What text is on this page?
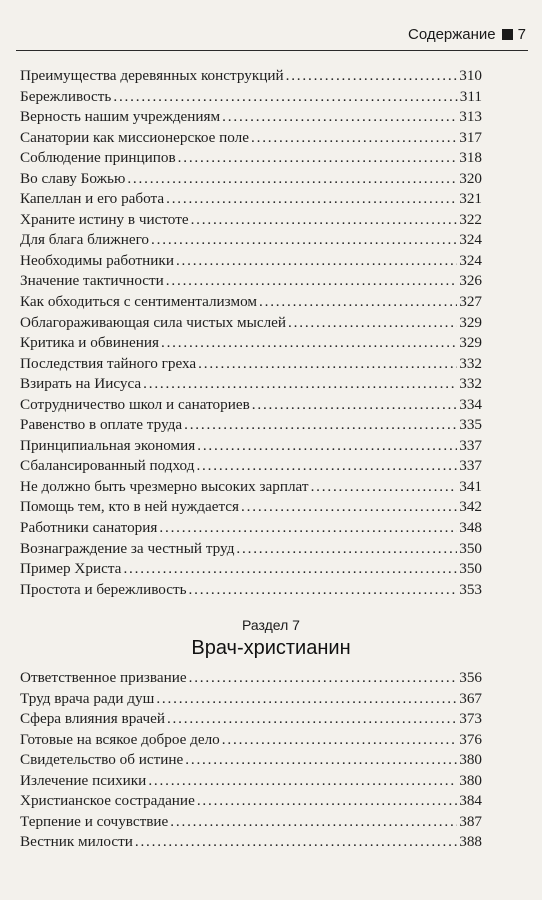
Содержание 7
Преимущества деревянных конструкций . . .	310
Бережливость . . .	311
Верность нашим учреждениям . . .	313
Санатории как миссионерское поле . . .	317
Соблюдение принципов . . .	318
Во славу Божью . . .	320
Капеллан и его работа . . .	321
Храните истину в чистоте . . .	322
Для блага ближнего . . .	324
Необходимы работники . . .	324
Значение тактичности . . .	326
Как обходиться с сентиментализмом . . .	327
Облагораживающая сила чистых мыслей . . .	329
Критика и обвинения . . .	329
Последствия тайного греха . . .	332
Взирать на Иисуса . . .	332
Сотрудничество школ и санаториев . . .	334
Равенство в оплате труда . . .	335
Принципиальная экономия . . .	337
Сбалансированный подход . . .	337
Не должно быть чрезмерно высоких зарплат . . .	341
Помощь тем, кто в ней нуждается . . .	342
Работники санатория . . .	348
Вознаграждение за честный труд . . .	350
Пример Христа . . .	350
Простота и бережливость . . .	353
Раздел 7
Врач-христианин
Ответственное призвание . . .	356
Труд врача ради душ . . .	367
Сфера влияния врачей . . .	373
Готовые на всякое доброе дело . . .	376
Свидетельство об истине . . .	380
Излечение психики . . .	380
Христианское сострадание . . .	384
Терпение и сочувствие . . .	387
Вестник милости . . .	388
